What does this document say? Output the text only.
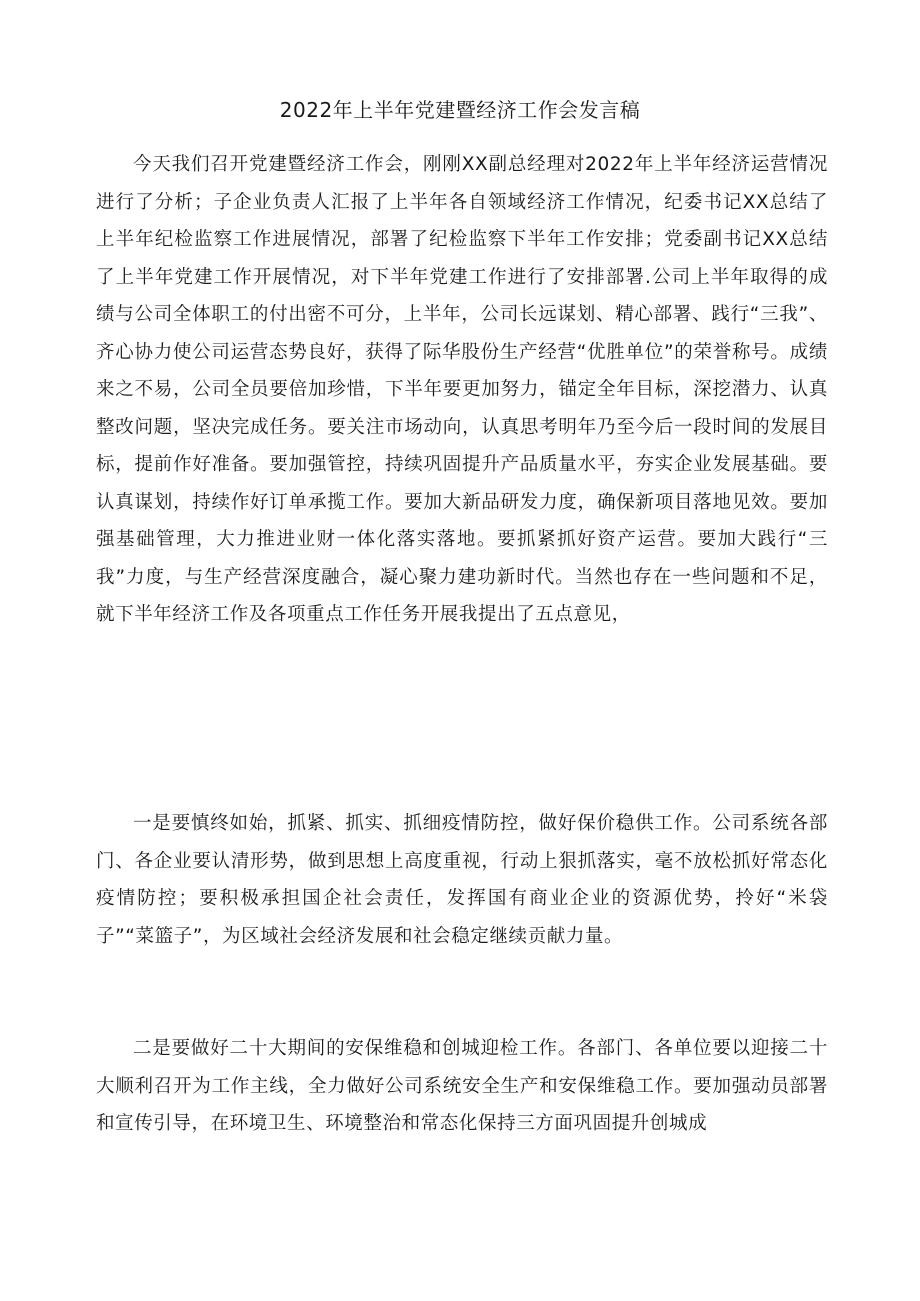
2022年上半年党建暨经济工作会发言稿

今天我们召开党建暨经济工作会，刚刚XX副总经理对2022年上半年经济运营情况进行了分析；子企业负责人汇报了上半年各自领域经济工作情况，纪委书记XX总结了上半年纪检监察工作进展情况，部署了纪检监察下半年工作安排；党委副书记XX总结了上半年党建工作开展情况，对下半年党建工作进行了安排部署.公司上半年取得的成绩与公司全体职工的付出密不可分，上半年，公司长远谋划、精心部署、践行“三我”、齐心协力使公司运营态势良好，获得了际华股份生产经营“优胜单位”的荣誉称号。成绩来之不易，公司全员要倍加珍惜，下半年要更加努力，锚定全年目标，深挖潜力、认真整改问题，坚决完成任务。要关注市场动向，认真思考明年乃至今后一段时间的发展目标，提前作好准备。要加强管控，持续巩固提升产品质量水平，夯实企业发展基础。要认真谋划，持续作好订单承揽工作。要加大新品研发力度，确保新项目落地见效。要加强基础管理，大力推进业财一体化落实落地。要抓紧抓好资产运营。要加大践行“三我”力度，与生产经营深度融合，凝心聚力建功新时代。当然也存在一些问题和不足，就下半年经济工作及各项重点工作任务开展我提出了五点意见，

一是要慎终如始，抓紧、抓实、抓细疫情防控，做好保价稳供工作。公司系统各部门、各企业要认清形势，做到思想上高度重视，行动上狠抓落实，毫不放松抓好常态化疫情防控；要积极承担国企社会责任，发挥国有商业企业的资源优势，拎好“米袋子”“菜篮子”，为区域社会经济发展和社会稳定继续贡献力量。

二是要做好二十大期间的安保维稳和创城迎检工作。各部门、各单位要以迎接二十大顺利召开为工作主线，全力做好公司系统安全生产和安保维稳工作。要加强动员部署和宣传引导，在环境卫生、环境整治和常态化保持三方面巩固提升创城成
